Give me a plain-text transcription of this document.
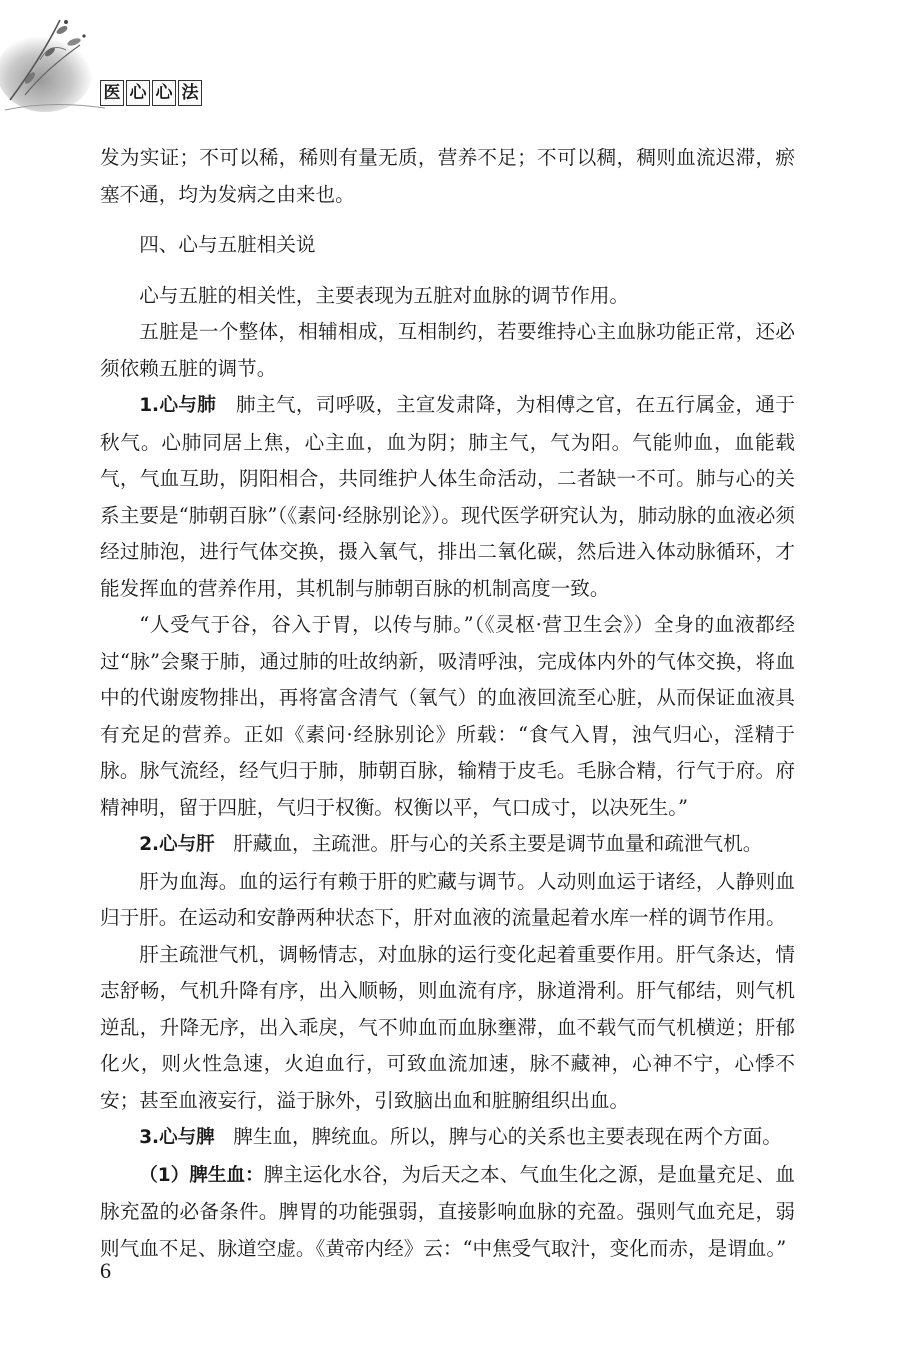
医 心 心 法

发为实证；不可以稀，稀则有量无质，营养不足；不可以稠，稠则血流迟滞，瘀塞不通，均为发病之由来也。

四、心与五脏相关说

心与五脏的相关性，主要表现为五脏对血脉的调节作用。

五脏是一个整体，相辅相成，互相制约，若要维持心主血脉功能正常，还必须依赖五脏的调节。

1.心与肺 肺主气，司呼吸，主宣发肃降，为相傅之官，在五行属金，通于秋气。心肺同居上焦，心主血，血为阴；肺主气，气为阳。气能帅血，血能载气，气血互助，阴阳相合，共同维护人体生命活动，二者缺一不可。肺与心的关系主要是“肺朝百脉”（《素问·经脉别论》）。现代医学研究认为，肺动脉的血液必须经过肺泡，进行气体交换，摄入氧气，排出二氧化碳，然后进入体动脉循环，才能发挥血的营养作用，其机制与肺朝百脉的机制高度一致。

“人受气于谷，谷入于胃，以传与肺。”（《灵枢·营卫生会》）全身的血液都经过“脉”会聚于肺，通过肺的吐故纳新，吸清呼浊，完成体内外的气体交换，将血中的代谢废物排出，再将富含清气（氧气）的血液回流至心脏，从而保证血液具有充足的营养。正如《素问·经脉别论》所载：“食气入胃，浊气归心，淫精于脉。脉气流经，经气归于肺，肺朝百脉，输精于皮毛。毛脉合精，行气于府。府精神明，留于四脏，气归于权衡。权衡以平，气口成寸，以决死生。”

2.心与肝 肝藏血，主疏泄。肝与心的关系主要是调节血量和疏泄气机。

肝为血海。血的运行有赖于肝的贮藏与调节。人动则血运于诸经，人静则血归于肝。在运动和安静两种状态下，肝对血液的流量起着水库一样的调节作用。

肝主疏泄气机，调畅情志，对血脉的运行变化起着重要作用。肝气条达，情志舒畅，气机升降有序，出入顺畅，则血流有序，脉道滑利。肝气郁结，则气机逆乱，升降无序，出入乖戾，气不帅血而血脉壅滞，血不载气而气机横逆；肝郁化火，则火性急速，火迫血行，可致血流加速，脉不藏神，心神不宁，心悸不安；甚至血液妄行，溢于脉外，引致脑出血和脏腑组织出血。

3.心与脾 脾生血，脾统血。所以，脾与心的关系也主要表现在两个方面。

（1）脾生血：脾主运化水谷，为后天之本、气血生化之源，是血量充足、血脉充盈的必备条件。脾胃的功能强弱，直接影响血脉的充盈。强则气血充足，弱则气血不足、脉道空虚。《黄帝内经》云：“中焦受气取汁，变化而赤，是谓血。”

6
